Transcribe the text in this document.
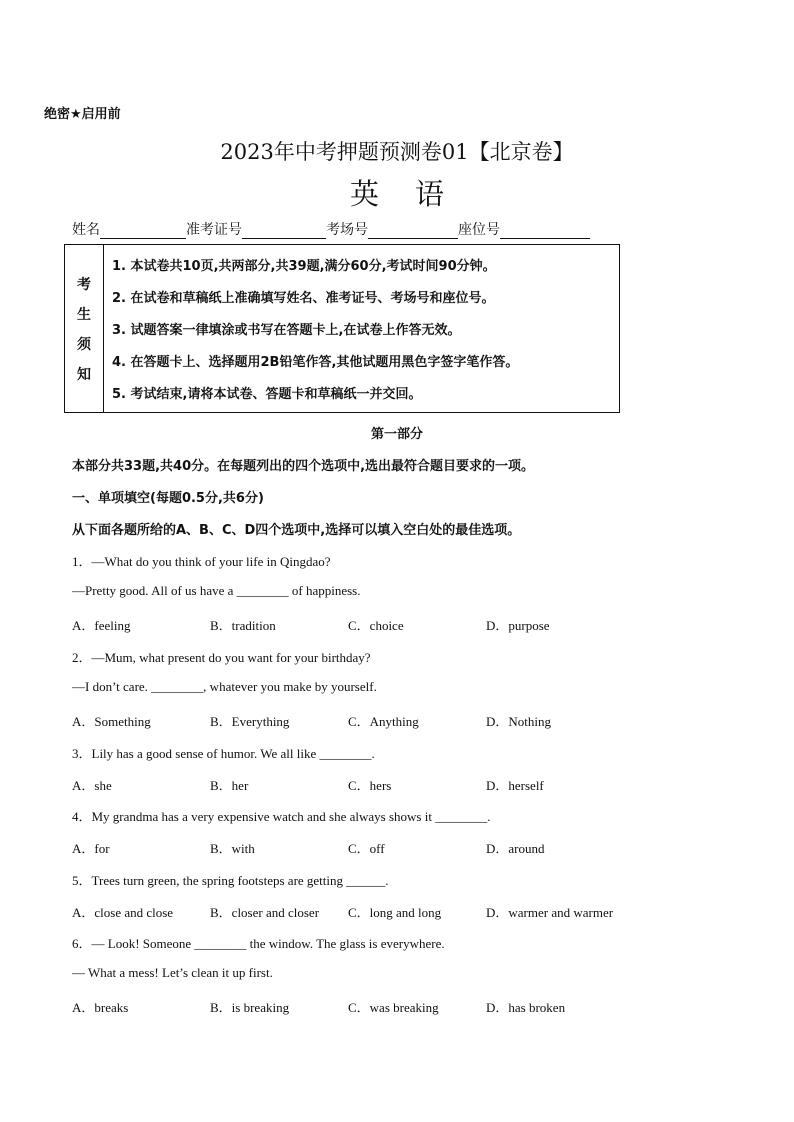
绝密★启用前
2023年中考押题预测卷01【北京卷】
英语
姓名	准考证号	考场号	座位号
考
生
须
知
1. 本试卷共10页,共两部分,共39题,满分60分,考试时间90分钟。
2. 在试卷和草稿纸上准确填写姓名、准考证号、考场号和座位号。
3. 试题答案一律填涂或书写在答题卡上,在试卷上作答无效。
4. 在答题卡上、选择题用2B铅笔作答,其他试题用黑色字签字笔作答。
5. 考试结束,请将本试卷、答题卡和草稿纸一并交回。
第一部分
本部分共33题,共40分。在每题列出的四个选项中,选出最符合题目要求的一项。
一、单项填空(每题0.5分,共6分)
从下面各题所给的A、B、C、D四个选项中,选择可以填入空白处的最佳选项。
1．—What do you think of your life in Qingdao?
—Pretty good. All of us have a ________ of happiness.
A．feeling	B．tradition	C．choice	D．purpose
2．—Mum, what present do you want for your birthday?
—I don’t care. ________, whatever you make by yourself.
A．Something	B．Everything	C．Anything	D．Nothing
3．Lily has a good sense of humor. We all like ________.
A．she	B．her	C．hers	D．herself
4．My grandma has a very expensive watch and she always shows it ________.
A．for	B．with	C．off	D．around
5．Trees turn green, the spring footsteps are getting ______.
A．close and close	B．closer and closer C．long and long	D．warmer and warmer
6．— Look! Someone ________ the window. The glass is everywhere.
— What a mess! Let’s clean it up first.
A．breaks	B．is breaking	C．was breaking	D．has broken
